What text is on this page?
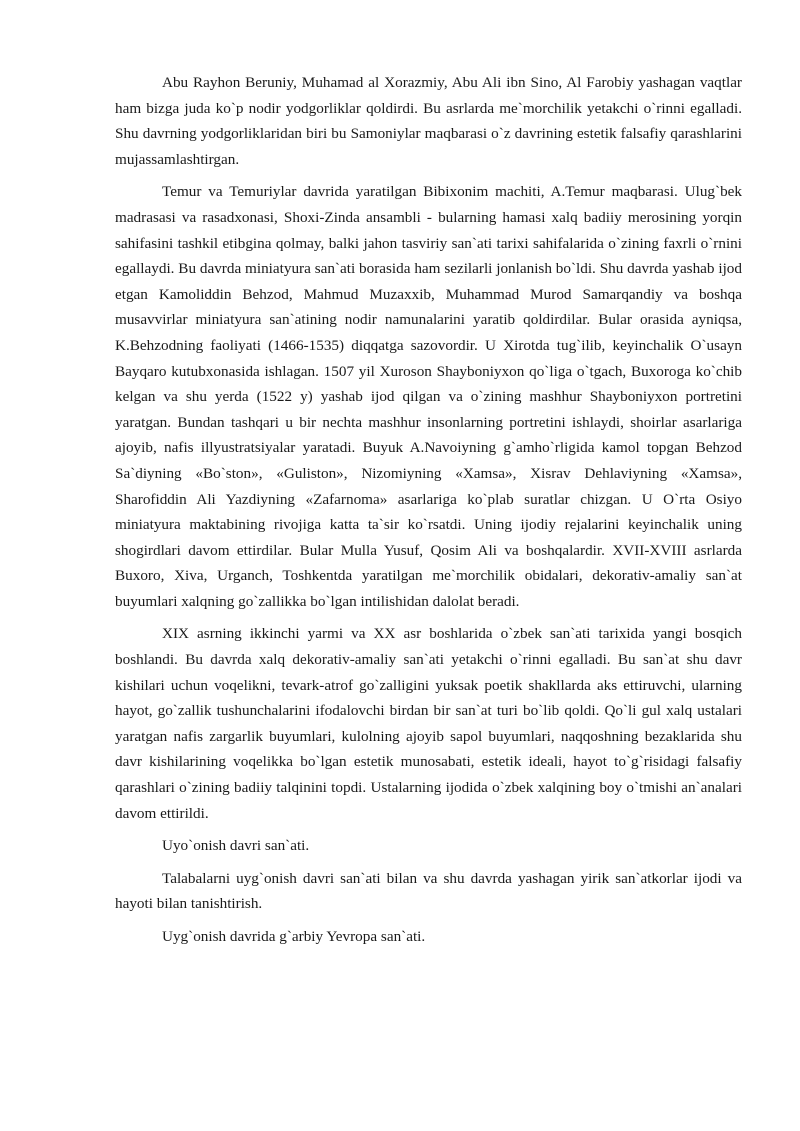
Abu Rayhon Beruniy, Muhamad al Xorazmiy, Abu Ali ibn Sino, Al Farobiy yashagan vaqtlar ham bizga juda ko`p nodir yodgorliklar qoldirdi. Bu asrlarda me`morchilik yetakchi o`rinni egalladi. Shu davrning yodgorliklaridan biri bu Samoniylar maqbarasi o`z davrining estetik falsafiy qarashlarini mujassamlashtirgan.

Temur va Temuriylar davrida yaratilgan Bibixonim machiti, A.Temur maqbarasi. Ulug`bek madrasasi va rasadxonasi, Shoxi-Zinda ansambli - bularning hamasi xalq badiiy merosining yorqin sahifasini tashkil etibgina qolmay, balki jahon tasviriy san`ati tarixi sahifalarida o`zining faxrli o`rnini egallaydi. Bu davrda miniatyura san`ati borasida ham sezilarli jonlanish bo`ldi. Shu davrda yashab ijod etgan Kamoliddin Behzod, Mahmud Muzaxxib, Muhammad Murod Samarqandiy va boshqa musavvirlar miniatyura san`atining nodir namunalarini yaratib qoldirdilar. Bular orasida ayniqsa, K.Behzodning faoliyati (1466-1535) diqqatga sazovordir. U Xirotda tug`ilib, keyinchalik O`usayn Bayqaro kutubxonasida ishlagan. 1507 yil Xuroson Shayboniyxon qo`liga o`tgach, Buxoroga ko`chib kelgan va shu yerda (1522 y) yashab ijod qilgan va o`zining mashhur Shayboniyxon portretini yaratgan. Bundan tashqari u bir nechta mashhur insonlarning portretini ishlaydi, shoirlar asarlariga ajoyib, nafis illyustratsiyalar yaratadi. Buyuk A.Navoiyning g`amho`rligida kamol topgan Behzod Sa`diyning «Bo`ston», «Guliston», Nizomiyning «Xamsa», Xisrav Dehlaviyning «Xamsa», Sharofiddin Ali Yazdiyning «Zafarnoma» asarlariga ko`plab suratlar chizgan. U O`rta Osiyo miniatyura maktabining rivojiga katta ta`sir ko`rsatdi. Uning ijodiy rejalarini keyinchalik uning shogirdlari davom ettirdilar. Bular Mulla Yusuf, Qosim Ali va boshqalardir. XVII-XVIII asrlarda Buxoro, Xiva, Urganch, Toshkentda yaratilgan me`morchilik obidalari, dekorativ-amaliy san`at buyumlari xalqning go`zallikka bo`lgan intilishidan dalolat beradi.

XIX asrning ikkinchi yarmi va XX asr boshlarida o`zbek san`ati tarixida yangi bosqich boshlandi. Bu davrda xalq dekorativ-amaliy san`ati yetakchi o`rinni egalladi. Bu san`at shu davr kishilari uchun voqelikni, tevark-atrof go`zalligini yuksak poetik shakllarda aks ettiruvchi, ularning hayot, go`zallik tushunchalarini ifodalovchi birdan bir san`at turi bo`lib qoldi. Qo`li gul xalq ustalari yaratgan nafis zargarlik buyumlari, kulolning ajoyib sapol buyumlari, naqqoshning bezaklarida shu davr kishilarining voqelikka bo`lgan estetik munosabati, estetik ideali, hayot to`g`risidagi falsafiy qarashlari o`zining badiiy talqinini topdi. Ustalarning ijodida o`zbek xalqining boy o`tmishi an`analari davom ettirildi.

Uyo`onish davri san`ati.

Talabalarni uyg`onish davri san`ati bilan va shu davrda yashagan yirik san`atkorlar ijodi va hayoti bilan tanishtirish.

Uyg`onish davrida g`arbiy Yevropa san`ati.
